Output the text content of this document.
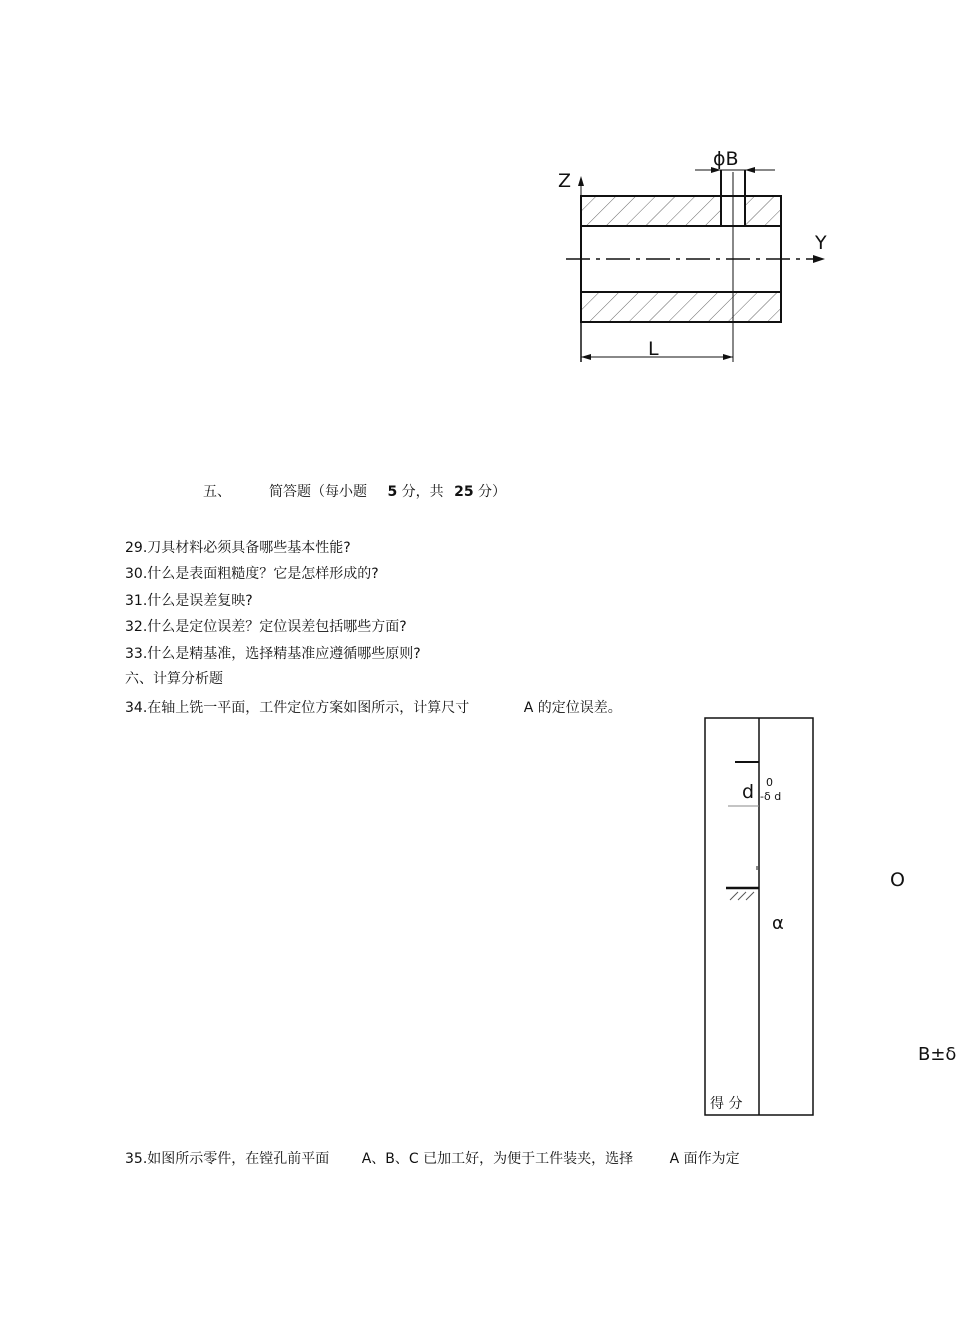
Z
Y
ϕB
L
五、	简答题（每小题 5 分，共 25 分）
29.刀具材料必须具备哪些基本性能?
30.什么是表面粗糙度？它是怎样形成的?
31.什么是误差复映?
32.什么是定位误差？定位误差包括哪些方面?
33.什么是精基准，选择精基准应遵循哪些原则?
六、计算分析题
34.在轴上铣一平面，工件定位方案如图所示，计算尺寸	A 的定位误差。
d 0
-δ d
α
得 分
O
B±δ
35.如图所示零件，在镗孔前平面 A、B、C 已加工好，为便于工件装夹，选择	A 面作为定
